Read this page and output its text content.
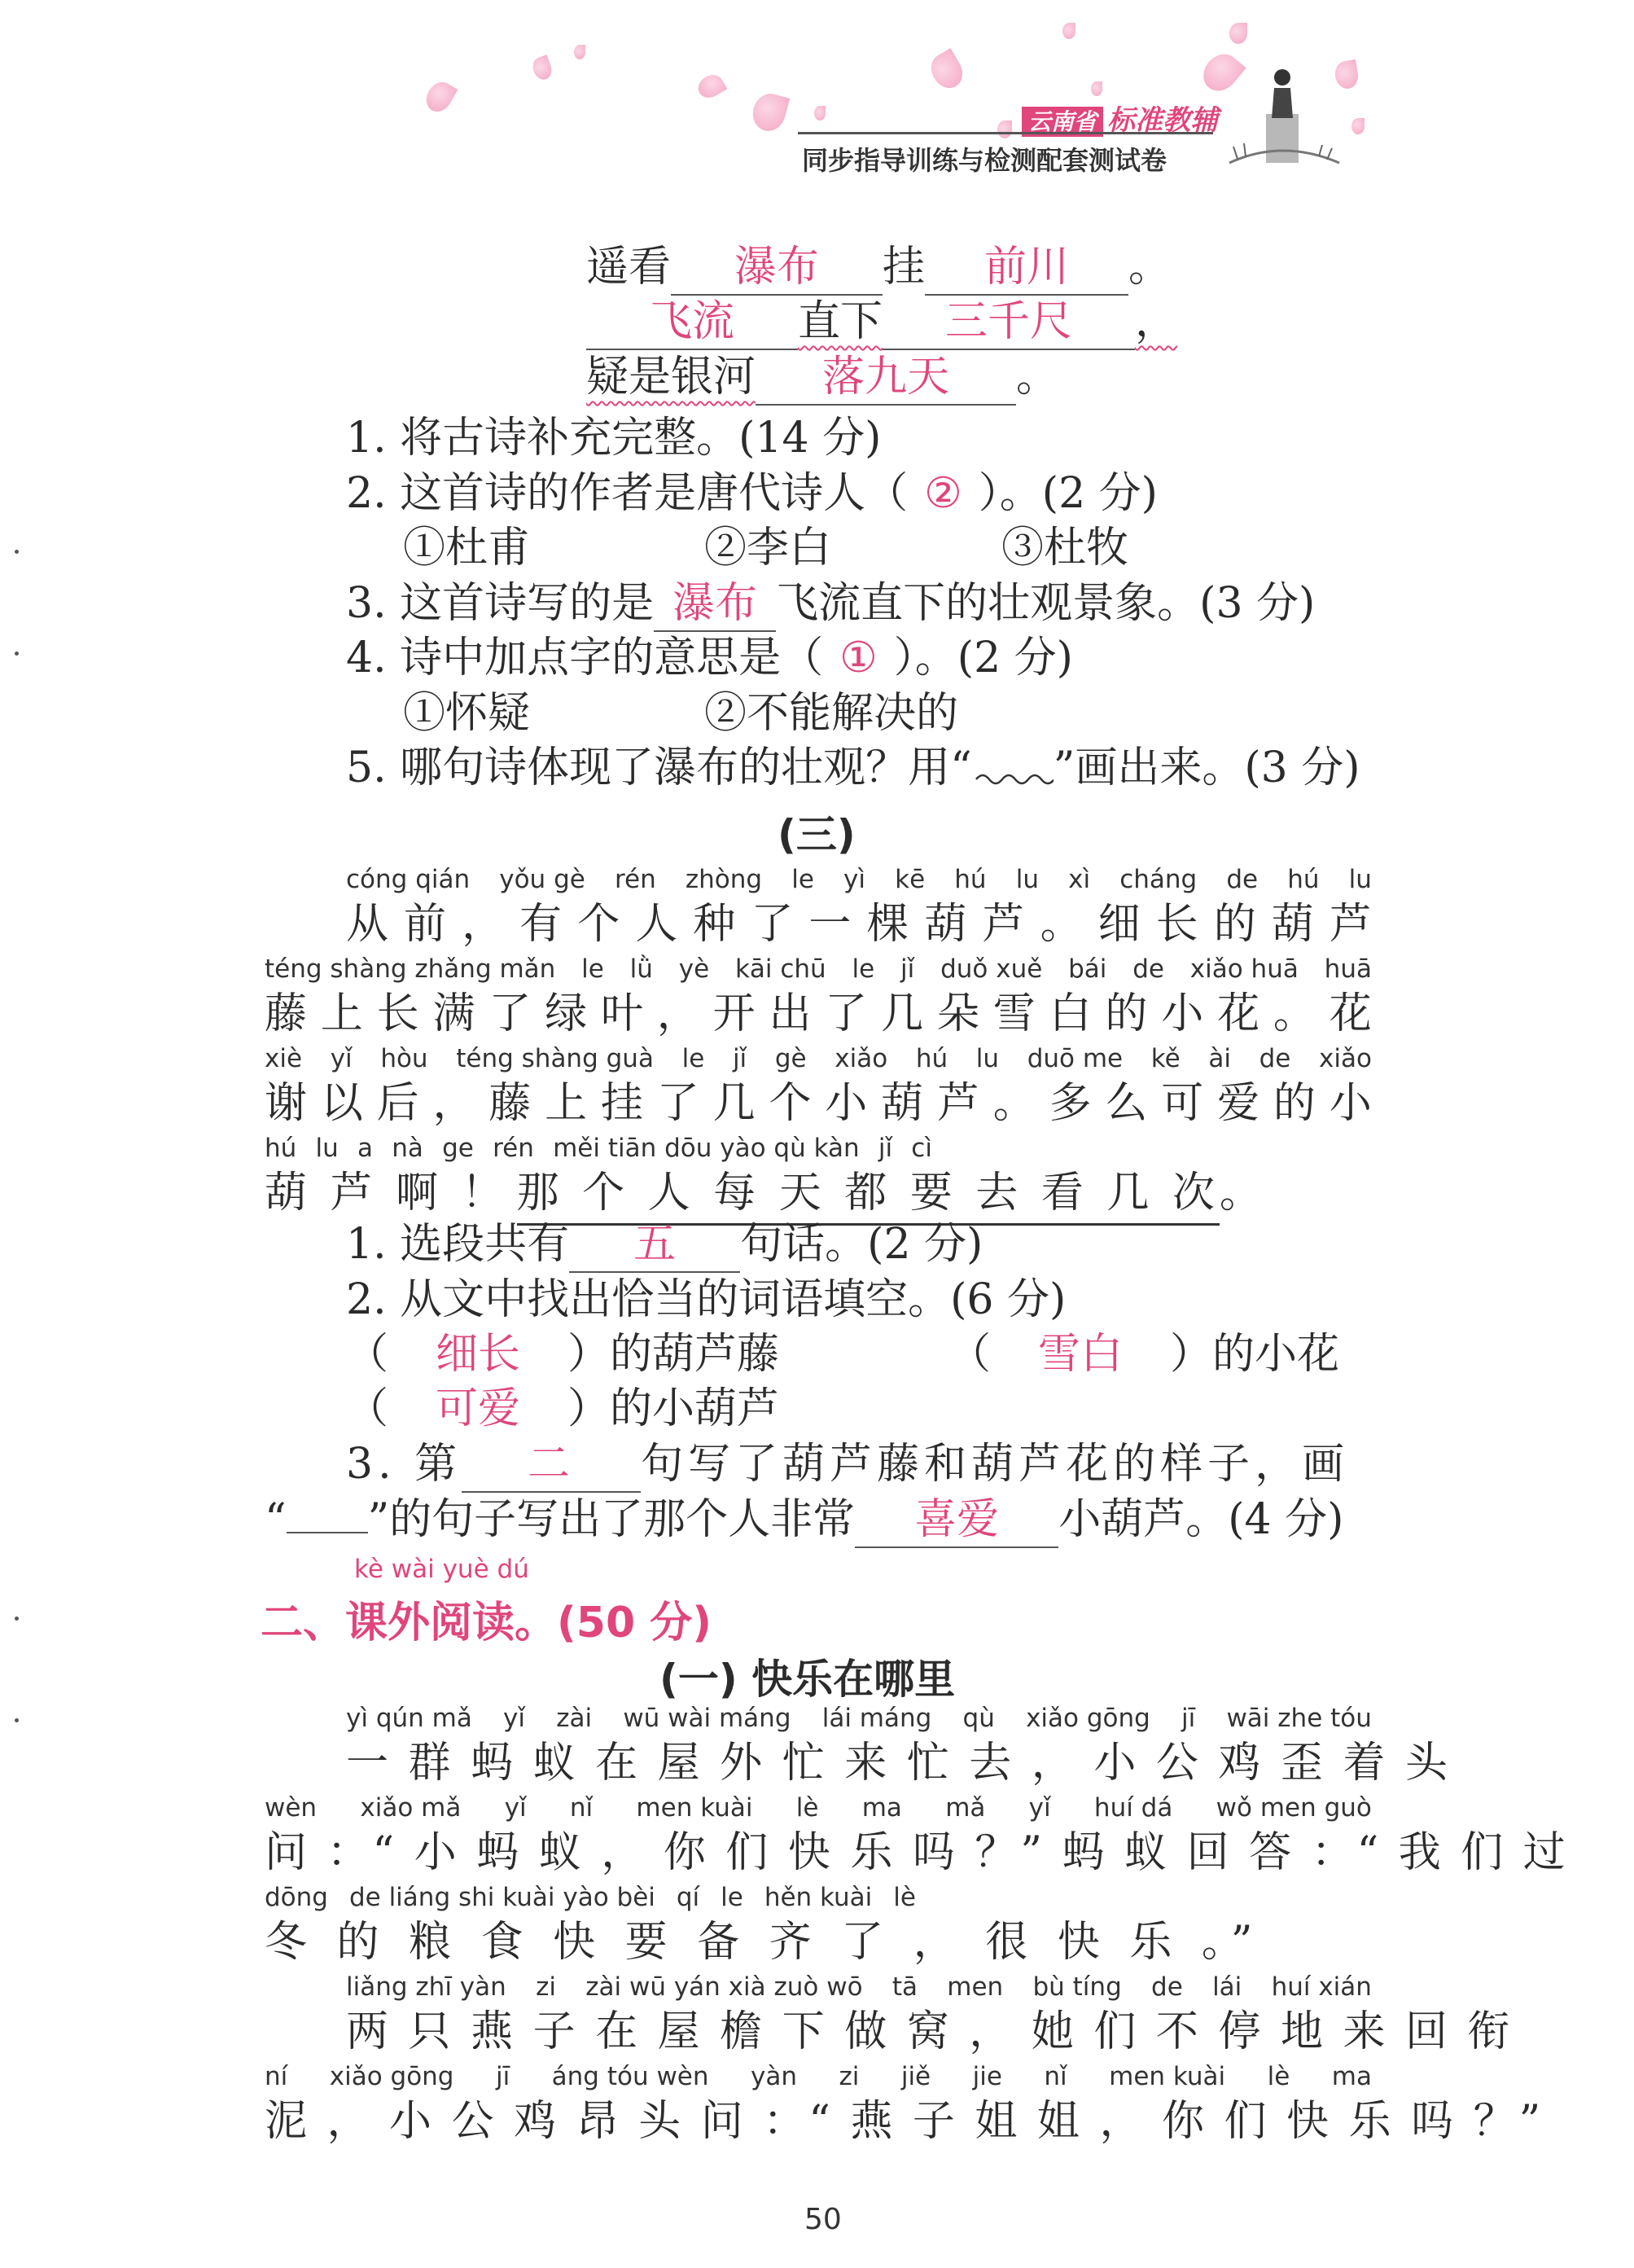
云南省 标准教辅
同步指导训练与检测配套测试卷
遥看 瀑布 挂 前川 。
飞流 直下 三千尺 ，
疑是银河 落九天 。
1. 将古诗补充完整。(14 分)
2. 这首诗的作者是唐代诗人（ ② ）。(2 分)
①杜甫	②李白	③杜牧
3. 这首诗写的是 瀑布 飞流直下的壮观景象。(3 分)
4. 诗中加点字的意思是（ ① ）。(2 分)
①怀疑	②不能解决的
5. 哪句诗体现了瀑布的壮观？用“ ”画出来。(3 分)
(三)
cóng qián yǒu gè rén zhòng le yì kē hú lu xì cháng de hú lu
从 前 ， 有 个 人 种 了 一 棵 葫 芦 。 细 长 的 葫 芦
téng shàng zhǎng mǎn le lǜ yè kāi chū le jǐ duǒ xuě bái de xiǎo huā huā
藤 上 长 满 了 绿 叶 ， 开 出 了 几 朵 雪 白 的 小 花 。 花
xiè yǐ hòu téng shàng guà le jǐ gè xiǎo hú lu duō me kě ài de xiǎo
谢 以 后 ， 藤 上 挂 了 几 个 小 葫 芦 。 多 么 可 爱 的 小
hú lu a nà ge rén měi tiān dōu yào qù kàn jǐ cì
葫 芦 啊 ！ 那 个 人 每 天 都 要 去 看 几 次 。
1. 选段共有 五 句话。(2 分)
2. 从文中找出恰当的词语填空。(6 分)
（ 细长 ）的葫芦藤	（ 雪白 ）的小花
（ 可爱 ）的小葫芦
3. 第 二 句写了葫芦藤和葫芦花的样子，画
“ ”的句子写出了那个人非常 喜爱 小葫芦。(4 分)
kè wài yuè dú
二、课外阅读。(50 分)
(一) 快乐在哪里
yì qún mǎ yǐ zài wū wài máng lái máng qù xiǎo gōng jī wāi zhe tóu
一 群 蚂 蚁 在 屋 外 忙 来 忙 去 ， 小 公 鸡 歪 着 头
wèn xiǎo mǎ yǐ nǐ men kuài lè ma mǎ yǐ huí dá wǒ men guò
问 ：“ 小 蚂 蚁 ， 你 们 快 乐 吗 ？” 蚂 蚁 回 答 ：“ 我 们 过
dōng de liáng shi kuài yào bèi qí le hěn kuài lè
冬 的 粮 食 快 要 备 齐 了 ， 很 快 乐 。”
liǎng zhī yàn zi zài wū yán xià zuò wō tā men bù tíng de lái huí xián
两 只 燕 子 在 屋 檐 下 做 窝 ， 她 们 不 停 地 来 回 衔
ní xiǎo gōng jī áng tóu wèn yàn zi jiě jie nǐ men kuài lè ma
泥 ， 小 公 鸡 昂 头 问 ：“ 燕 子 姐 姐 ， 你 们 快 乐 吗 ？”
50
